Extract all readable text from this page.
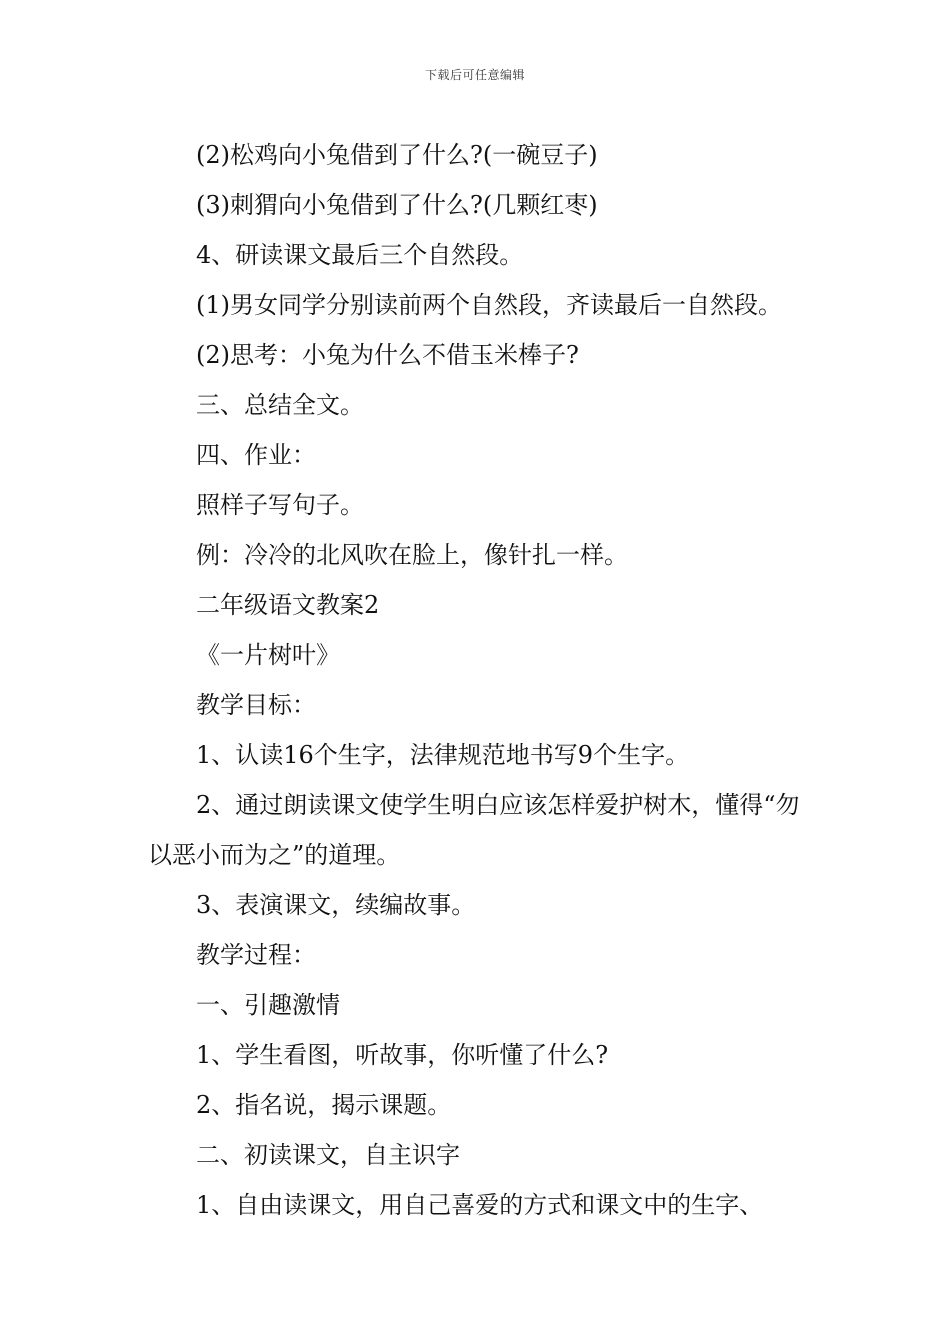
下载后可任意编辑

(2)松鸡向小兔借到了什么?(一碗豆子)

(3)刺猬向小兔借到了什么?(几颗红枣)

4、研读课文最后三个自然段。

(1)男女同学分别读前两个自然段，齐读最后一自然段。

(2)思考：小兔为什么不借玉米棒子?

三、总结全文。

四、作业：

照样子写句子。

例：冷冷的北风吹在脸上，像针扎一样。

二年级语文教案2

《一片树叶》

教学目标：

1、认读16个生字，法律规范地书写9个生字。

2、通过朗读课文使学生明白应该怎样爱护树木，懂得“勿以恶小而为之”的道理。

3、表演课文，续编故事。

教学过程：

一、引趣激情

1、学生看图，听故事，你听懂了什么?

2、指名说，揭示课题。

二、初读课文，自主识字

1、自由读课文，用自己喜爱的方式和课文中的生字、
